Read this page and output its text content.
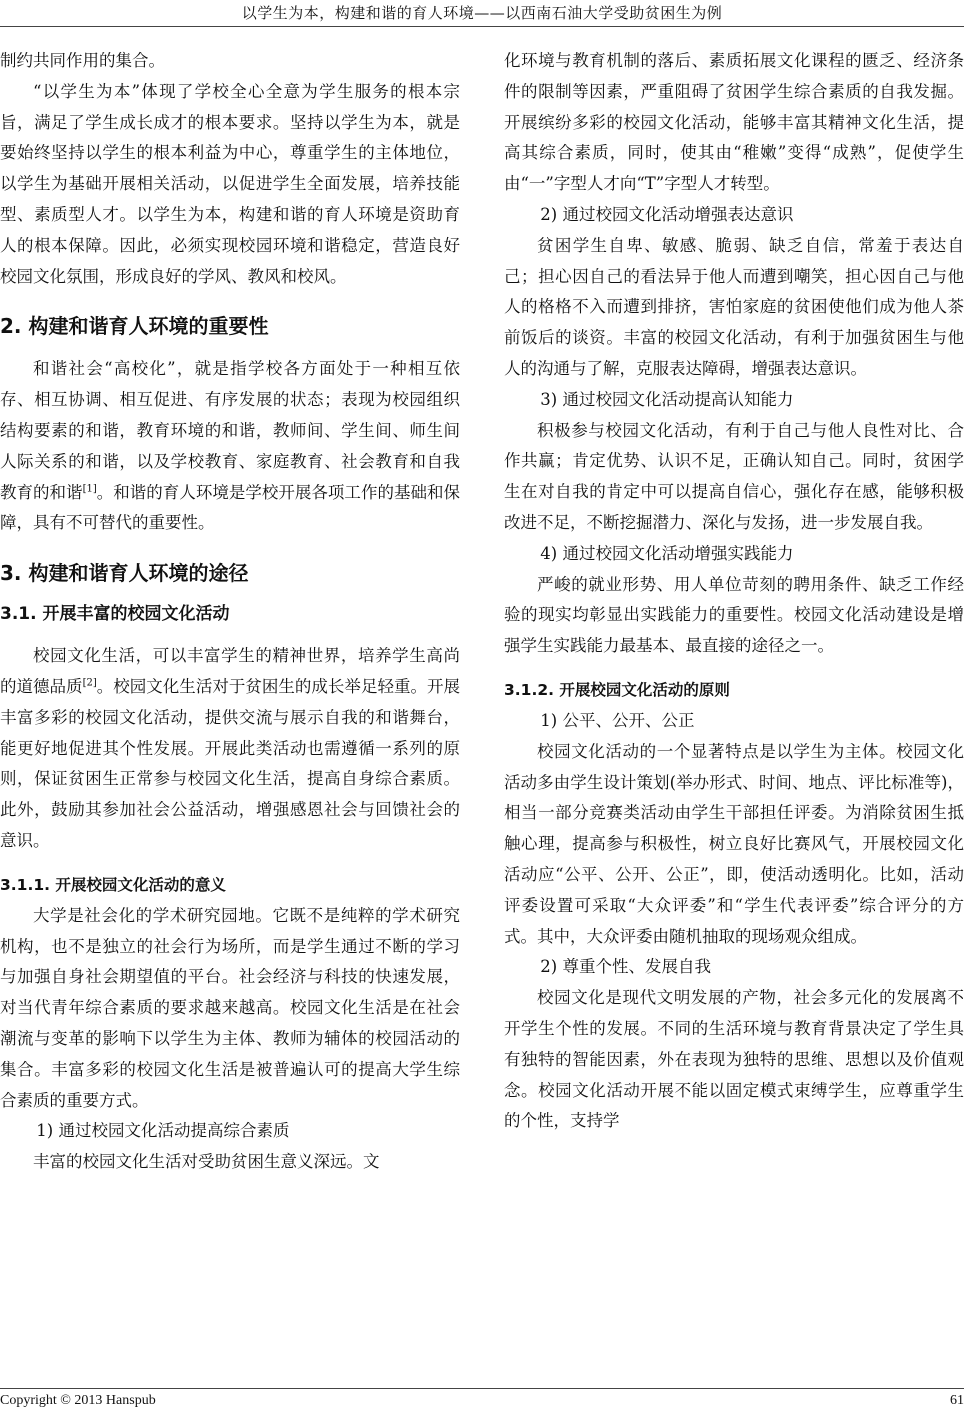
以学生为本，构建和谐的育人环境——以西南石油大学受助贫困生为例

制约共同作用的集合。

“以学生为本”体现了学校全心全意为学生服务的根本宗旨，满足了学生成长成才的根本要求。坚持以学生为本，就是要始终坚持以学生的根本利益为中心，尊重学生的主体地位，以学生为基础开展相关活动，以促进学生全面发展，培养技能型、素质型人才。以学生为本，构建和谐的育人环境是资助育人的根本保障。因此，必须实现校园环境和谐稳定，营造良好校园文化氛围，形成良好的学风、教风和校风。

2. 构建和谐育人环境的重要性

和谐社会“高校化”，就是指学校各方面处于一种相互依存、相互协调、相互促进、有序发展的状态；表现为校园组织结构要素的和谐，教育环境的和谐，教师间、学生间、师生间人际关系的和谐，以及学校教育、家庭教育、社会教育和自我教育的和谐[1]。和谐的育人环境是学校开展各项工作的基础和保障，具有不可替代的重要性。

3. 构建和谐育人环境的途径
3.1. 开展丰富的校园文化活动

校园文化生活，可以丰富学生的精神世界，培养学生高尚的道德品质[2]。校园文化生活对于贫困生的成长举足轻重。开展丰富多彩的校园文化活动，提供交流与展示自我的和谐舞台，能更好地促进其个性发展。开展此类活动也需遵循一系列的原则，保证贫困生正常参与校园文化生活，提高自身综合素质。此外，鼓励其参加社会公益活动，增强感恩社会与回馈社会的意识。

3.1.1. 开展校园文化活动的意义

大学是社会化的学术研究园地。它既不是纯粹的学术研究机构，也不是独立的社会行为场所，而是学生通过不断的学习与加强自身社会期望值的平台。社会经济与科技的快速发展，对当代青年综合素质的要求越来越高。校园文化生活是在社会潮流与变革的影响下以学生为主体、教师为辅体的校园活动的集合。丰富多彩的校园文化生活是被普遍认可的提高大学生综合素质的重要方式。

1) 通过校园文化活动提高综合素质

丰富的校园文化生活对受助贫困生意义深远。文

化环境与教育机制的落后、素质拓展文化课程的匮乏、经济条件的限制等因素，严重阻碍了贫困学生综合素质的自我发掘。开展缤纷多彩的校园文化活动，能够丰富其精神文化生活，提高其综合素质，同时，使其由“稚嫩”变得“成熟”，促使学生由“一”字型人才向“T”字型人才转型。

2) 通过校园文化活动增强表达意识

贫困学生自卑、敏感、脆弱、缺乏自信，常羞于表达自己；担心因自己的看法异于他人而遭到嘲笑，担心因自己与他人的格格不入而遭到排挤，害怕家庭的贫困使他们成为他人茶前饭后的谈资。丰富的校园文化活动，有利于加强贫困生与他人的沟通与了解，克服表达障碍，增强表达意识。

3) 通过校园文化活动提高认知能力

积极参与校园文化活动，有利于自己与他人良性对比、合作共赢；肯定优势、认识不足，正确认知自己。同时，贫困学生在对自我的肯定中可以提高自信心，强化存在感，能够积极改进不足，不断挖掘潜力、深化与发扬，进一步发展自我。

4) 通过校园文化活动增强实践能力

严峻的就业形势、用人单位苛刻的聘用条件、缺乏工作经验的现实均彰显出实践能力的重要性。校园文化活动建设是增强学生实践能力最基本、最直接的途径之一。

3.1.2. 开展校园文化活动的原则

1) 公平、公开、公正

校园文化活动的一个显著特点是以学生为主体。校园文化活动多由学生设计策划(举办形式、时间、地点、评比标准等)，相当一部分竞赛类活动由学生干部担任评委。为消除贫困生抵触心理，提高参与积极性，树立良好比赛风气，开展校园文化活动应“公平、公开、公正”，即，使活动透明化。比如，活动评委设置可采取“大众评委”和“学生代表评委”综合评分的方式。其中，大众评委由随机抽取的现场观众组成。

2) 尊重个性、发展自我

校园文化是现代文明发展的产物，社会多元化的发展离不开学生个性的发展。不同的生活环境与教育背景决定了学生具有独特的智能因素，外在表现为独特的思维、思想以及价值观念。校园文化活动开展不能以固定模式束缚学生，应尊重学生的个性，支持学

Copyright © 2013 Hanspub	61
